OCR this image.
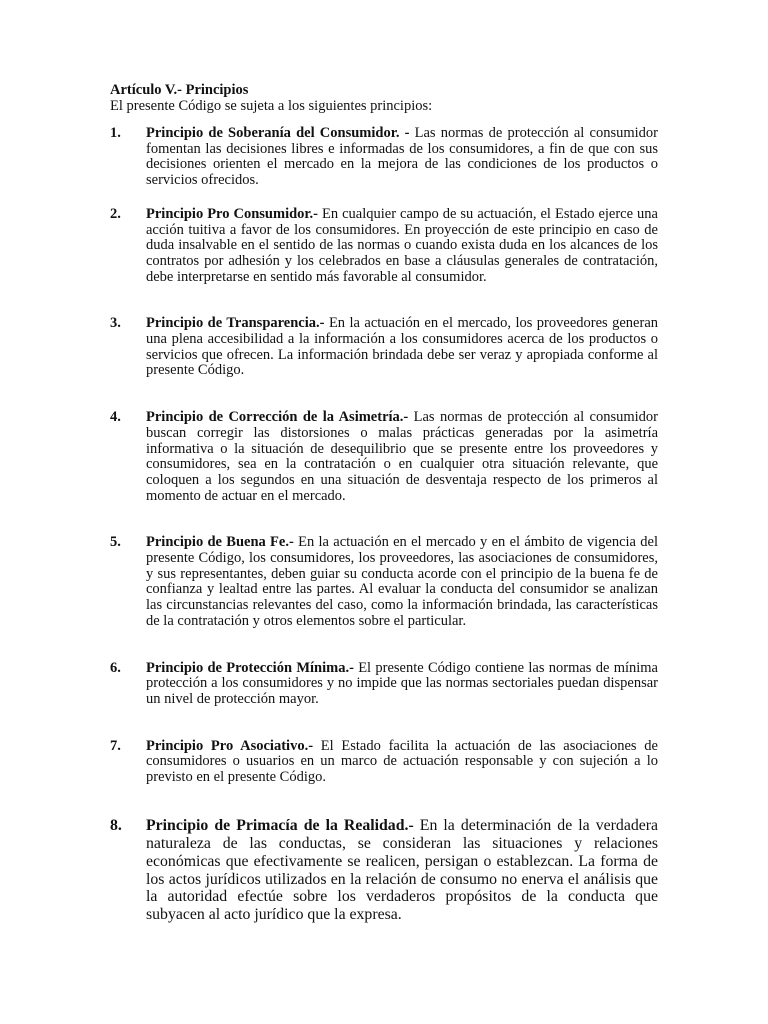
Artículo V.- Principios

El presente Código se sujeta a los siguientes principios:

1.	Principio de Soberanía del Consumidor. - Las normas de protección al consumidor fomentan las decisiones libres e informadas de los consumidores, a fin de que con sus decisiones orienten el mercado en la mejora de las condiciones de los productos o servicios ofrecidos.
2.	Principio Pro Consumidor.- En cualquier campo de su actuación, el Estado ejerce una acción tuitiva a favor de los consumidores. En proyección de este principio en caso de duda insalvable en el sentido de las normas o cuando exista duda en los alcances de los contratos por adhesión y los celebrados en base a cláusulas generales de contratación, debe interpretarse en sentido más favorable al consumidor.
3.	Principio de Transparencia.- En la actuación en el mercado, los proveedores generan una plena accesibilidad a la información a los consumidores acerca de los productos o servicios que ofrecen. La información brindada debe ser veraz y apropiada conforme al presente Código.
4.	Principio de Corrección de la Asimetría.- Las normas de protección al consumidor buscan corregir las distorsiones o malas prácticas generadas por la asimetría informativa o la situación de desequilibrio que se presente entre los proveedores y consumidores, sea en la contratación o en cualquier otra situación relevante, que coloquen a los segundos en una situación de desventaja respecto de los primeros al momento de actuar en el mercado.
5.	Principio de Buena Fe.- En la actuación en el mercado y en el ámbito de vigencia del presente Código, los consumidores, los proveedores, las asociaciones de consumidores, y sus representantes, deben guiar su conducta acorde con el principio de la buena fe de confianza y lealtad entre las partes. Al evaluar la conducta del consumidor se analizan las circunstancias relevantes del caso, como la información brindada, las características de la contratación y otros elementos sobre el particular.
6.	Principio de Protección Mínima.- El presente Código contiene las normas de mínima protección a los consumidores y no impide que las normas sectoriales puedan dispensar un nivel de protección mayor.
7.	Principio Pro Asociativo.- El Estado facilita la actuación de las asociaciones de consumidores o usuarios en un marco de actuación responsable y con sujeción a lo previsto en el presente Código.
8.	Principio de Primacía de la Realidad.- En la determinación de la verdadera naturaleza de las conductas, se consideran las situaciones y relaciones económicas que efectivamente se realicen, persigan o establezcan. La forma de los actos jurídicos utilizados en la relación de consumo no enerva el análisis que la autoridad efectúe sobre los verdaderos propósitos de la conducta que subyacen al acto jurídico que la expresa.
